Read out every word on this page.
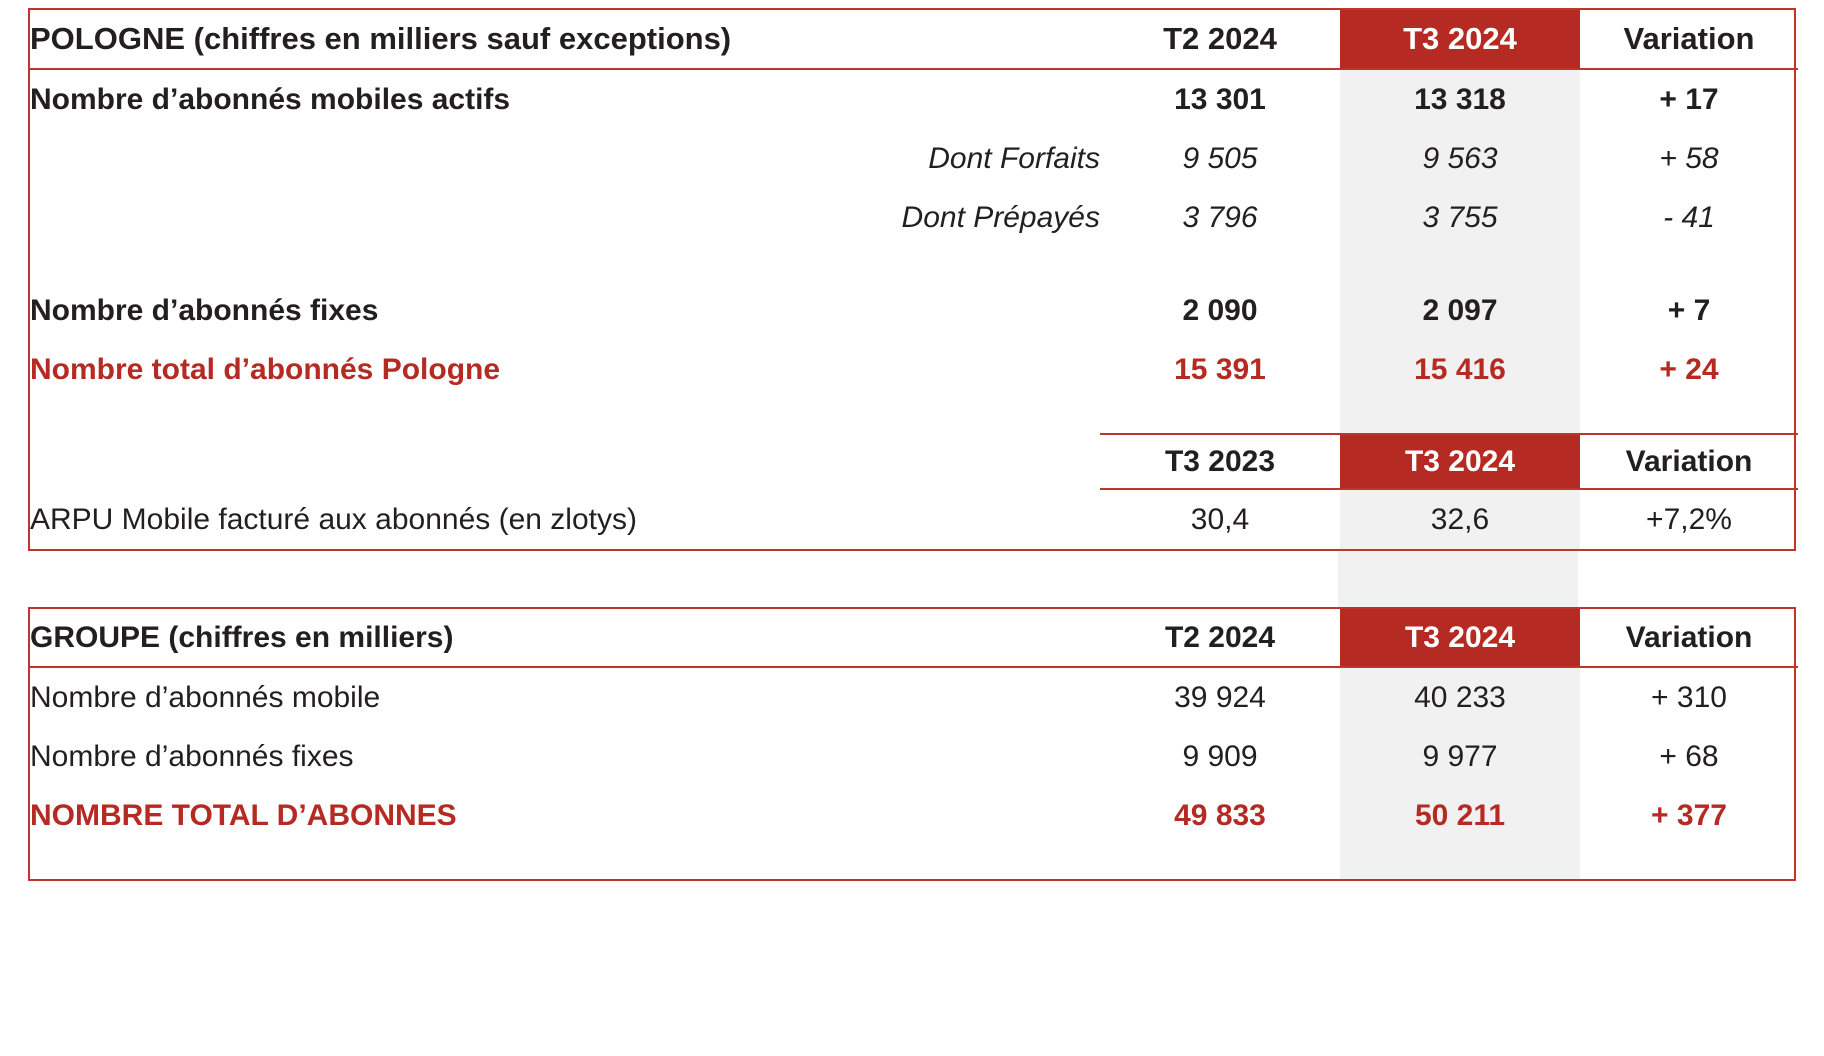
POLOGNE (chiffres en milliers sauf exceptions)	T2 2024	T3 2024	Variation
Nombre d’abonnés mobiles actifs	13 301	13 318	+ 17
Dont Forfaits	9 505	9 563	+ 58
Dont Prépayés	3 796	3 755	- 41

Nombre d’abonnés fixes	2 090	2 097	+ 7
Nombre total d’abonnés Pologne	15 391	15 416	+ 24

	T3 2023	T3 2024	Variation
ARPU Mobile facturé aux abonnés (en zlotys)	30,4	32,6	+7,2%
GROUPE (chiffres en milliers)	T2 2024	T3 2024	Variation
Nombre d’abonnés mobile	39 924	40 233	+ 310
Nombre d’abonnés fixes	9 909	9 977	+ 68
NOMBRE TOTAL D’ABONNES	49 833	50 211	+ 377
